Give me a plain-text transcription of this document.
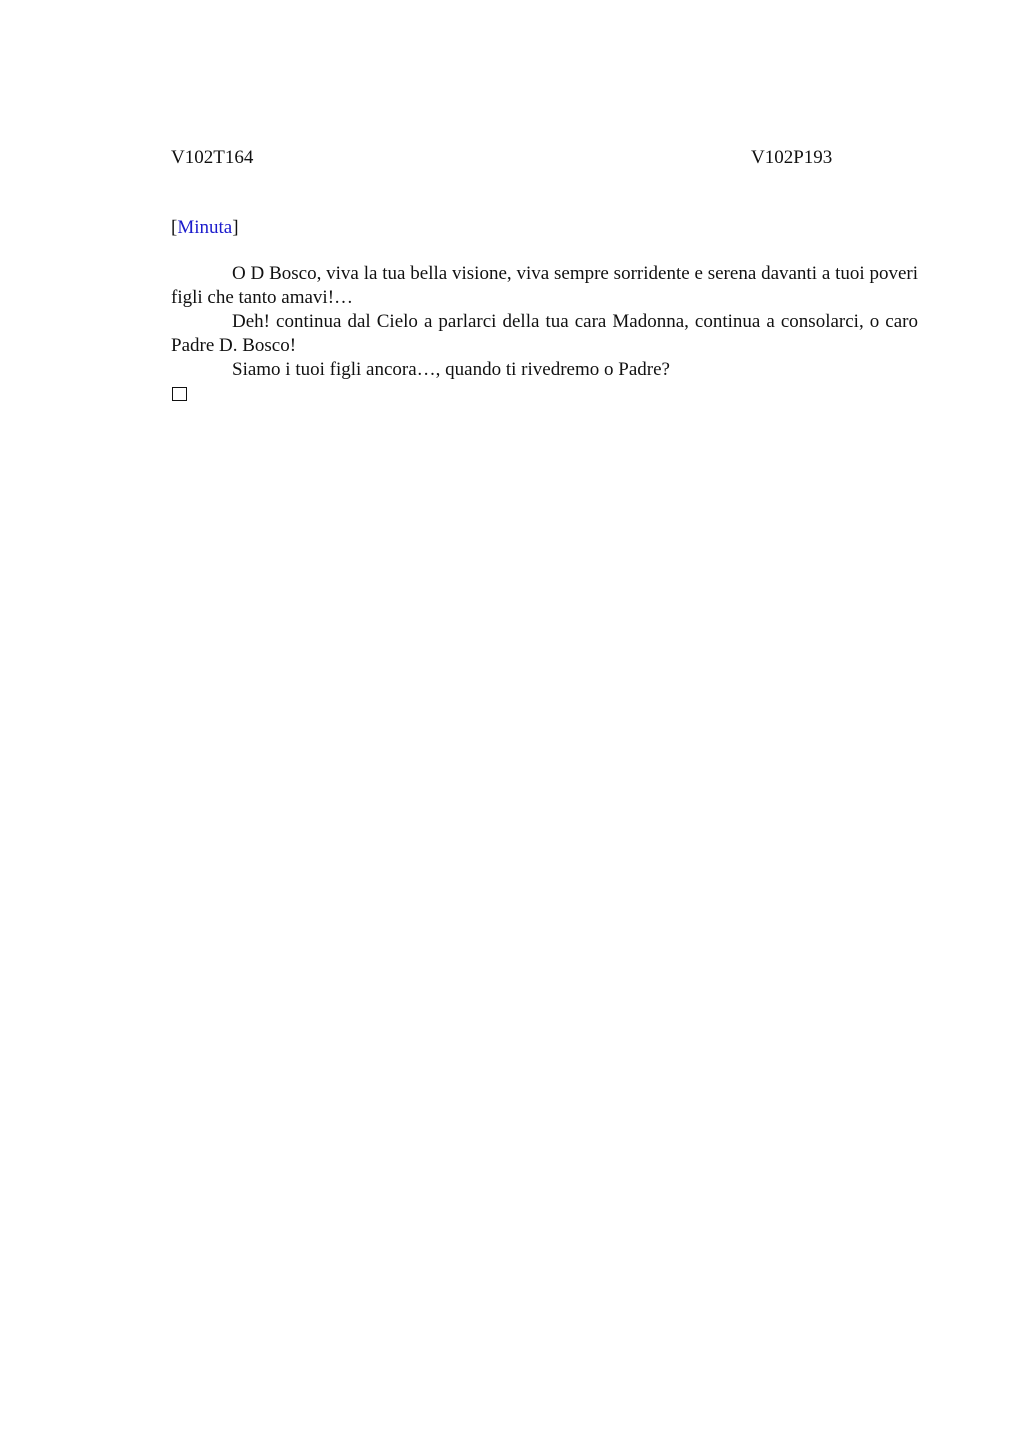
V102T164	V102P193
[Minuta]

O D Bosco, viva la tua bella visione, viva sempre sorridente e serena davanti a tuoi poveri figli che tanto amavi!…

Deh! continua dal Cielo a parlarci della tua cara Madonna, continua a consolarci, o caro Padre D. Bosco!

Siamo i tuoi figli ancora…, quando ti rivedremo o Padre?
